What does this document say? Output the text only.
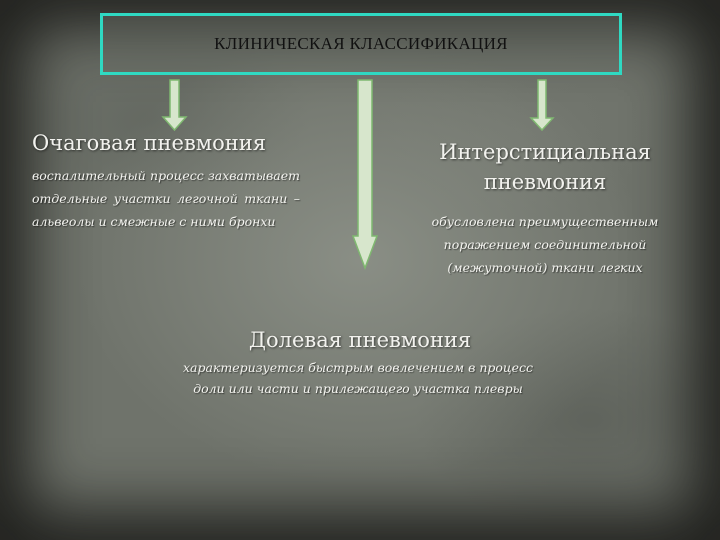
КЛИНИЧЕСКАЯ КЛАССИФИКАЦИЯ
Очаговая пневмония
воспалительный процесс захватывает отдельные участки легочной ткани – альвеолы и смежные с ними бронхи
Интерстициальная пневмония
обусловлена преимущественным поражением соединительной (межуточной) ткани легких
Долевая пневмония
характеризуется быстрым вовлечением в процесс доли или части и прилежащего участка плевры
